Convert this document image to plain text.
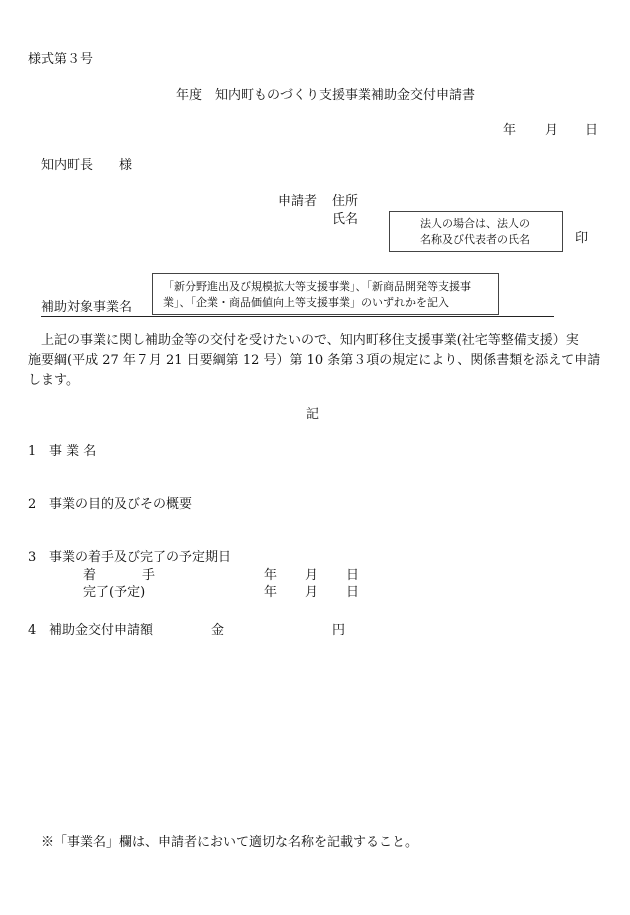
様式第３号
年度　知内町ものづくり支援事業補助金交付申請書
年 月 日
知内町長　　様
申請者 住所
氏名	法人の場合は、法人の
名称及び代表者の氏名	印
「新分野進出及び規模拡大等支援事業」、「新商品開発等支援事
業」、「企業・商品価値向上等支援事業」のいずれかを記入
補助対象事業名
上記の事業に関し補助金等の交付を受けたいので、知内町移住支援事業(社宅等整備支援）実
施要綱(平成 27 年７月 21 日要綱第 12 号）第 10 条第３項の規定により、関係書類を添えて申請
します。
記
1 事 業 名
2 事業の目的及びその概要
3 事業の着手及び完了の予定期日
着	手	年 月 日
完了(予定)	年 月 日
4 補助金交付申請額	金	円
※「事業名」欄は、申請者において適切な名称を記載すること。
